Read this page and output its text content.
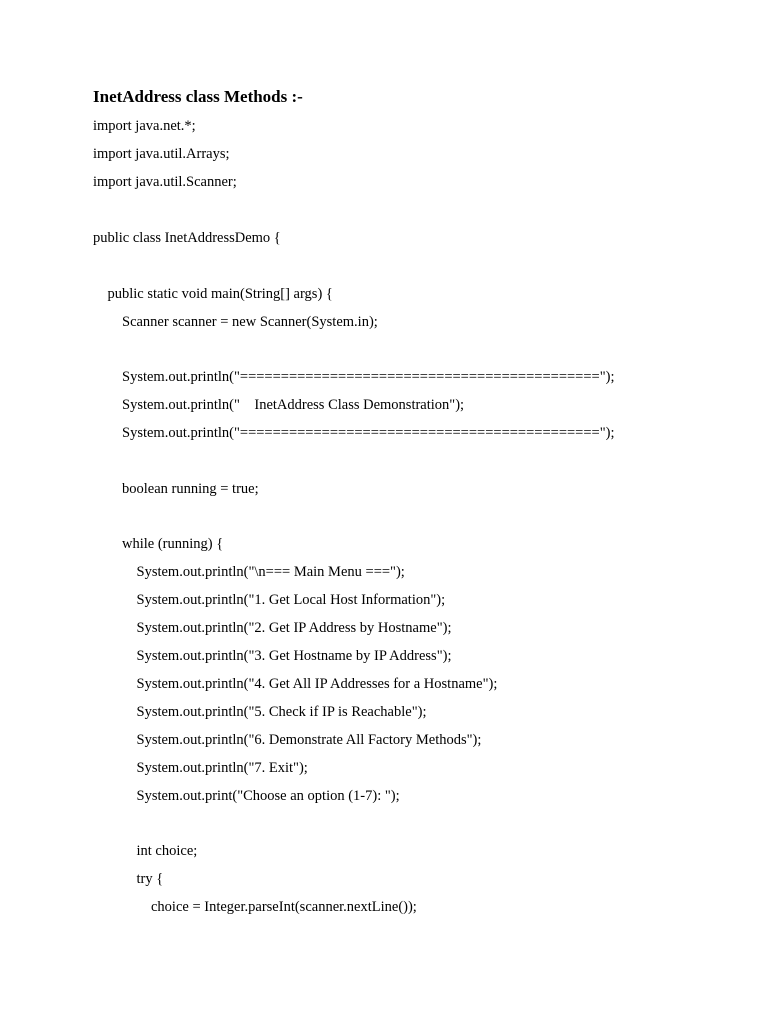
InetAddress class Methods :-
import java.net.*;
import java.util.Arrays;
import java.util.Scanner;
public class InetAddressDemo {
public static void main(String[] args) {
Scanner scanner = new Scanner(System.in);
System.out.println("============================================");
System.out.println("    InetAddress Class Demonstration");
System.out.println("============================================");
boolean running = true;
while (running) {
System.out.println("\n=== Main Menu ===");
System.out.println("1. Get Local Host Information");
System.out.println("2. Get IP Address by Hostname");
System.out.println("3. Get Hostname by IP Address");
System.out.println("4. Get All IP Addresses for a Hostname");
System.out.println("5. Check if IP is Reachable");
System.out.println("6. Demonstrate All Factory Methods");
System.out.println("7. Exit");
System.out.print("Choose an option (1-7): ");
int choice;
try {
choice = Integer.parseInt(scanner.nextLine());
